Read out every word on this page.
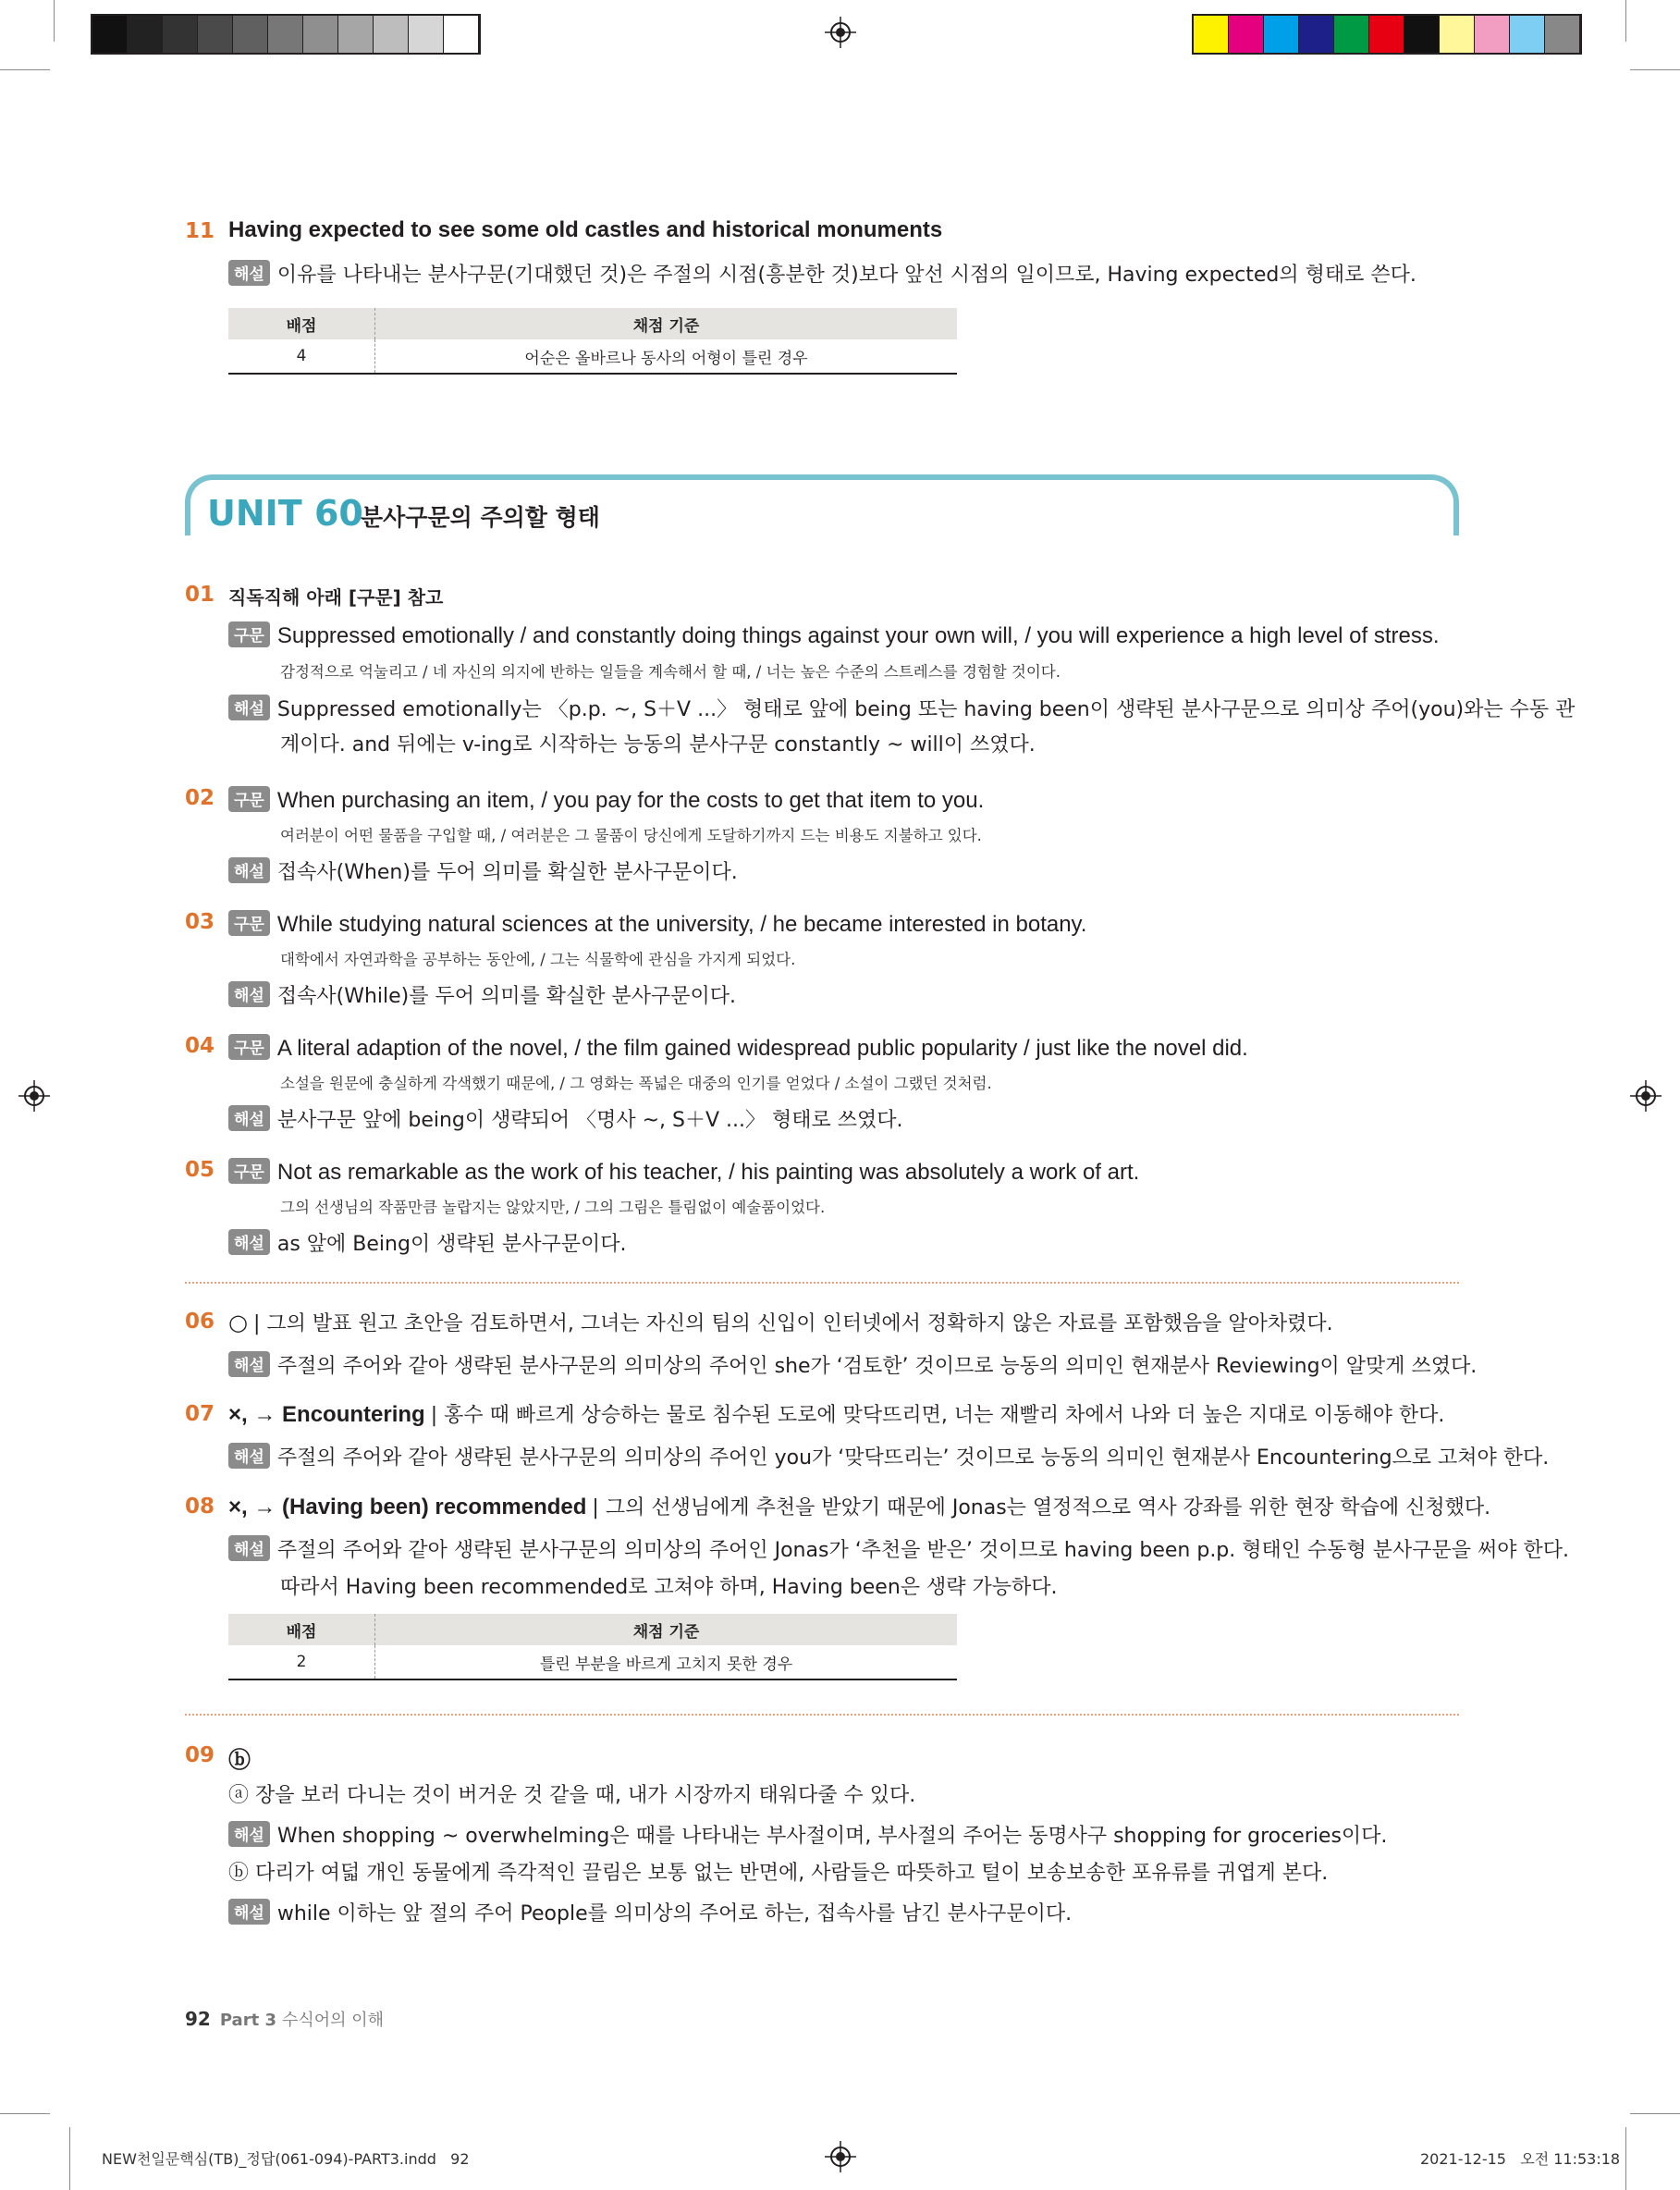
11 Having expected to see some old castles and historical monuments
해설 이유를 나타내는 분사구문(기대했던 것)은 주절의 시점(흥분한 것)보다 앞선 시점의 일이므로, Having expected의 형태로 쓴다.
배점	채점 기준
4	어순은 올바르나 동사의 어형이 틀린 경우
UNIT 60
분사구문의 주의할 형태
01 직독직해 아래 [구문] 참고
구문 Suppressed emotionally / and constantly doing things against your own will, / you will experience a high level of stress.
감정적으로 억눌리고 / 네 자신의 의지에 반하는 일들을 계속해서 할 때, / 너는 높은 수준의 스트레스를 경험할 것이다.
해설 Suppressed emotionally는 〈p.p. ~, S＋V ...〉 형태로 앞에 being 또는 having been이 생략된 분사구문으로 의미상 주어(you)와는 수동 관
계이다. and 뒤에는 v-ing로 시작하는 능동의 분사구문 constantly ~ will이 쓰였다.
02	구문 When purchasing an item, / you pay for the costs to get that item to you.
여러분이 어떤 물품을 구입할 때, / 여러분은 그 물품이 당신에게 도달하기까지 드는 비용도 지불하고 있다.
해설 접속사(When)를 두어 의미를 확실한 분사구문이다.
03	구문 While studying natural sciences at the university, / he became interested in botany.
대학에서 자연과학을 공부하는 동안에, / 그는 식물학에 관심을 가지게 되었다.
해설 접속사(While)를 두어 의미를 확실한 분사구문이다.
04	구문 A literal adaption of the novel, / the film gained widespread public popularity / just like the novel did.
소설을 원문에 충실하게 각색했기 때문에, / 그 영화는 폭넓은 대중의 인기를 얻었다 / 소설이 그랬던 것처럼.
해설 분사구문 앞에 being이 생략되어 〈명사 ~, S＋V ...〉 형태로 쓰였다.
05	구문 Not as remarkable as the work of his teacher, / his painting was absolutely a work of art.
그의 선생님의 작품만큼 놀랍지는 않았지만, / 그의 그림은 틀림없이 예술품이었다.
해설 as 앞에 Being이 생략된 분사구문이다.
06 ○ | 그의 발표 원고 초안을 검토하면서, 그녀는 자신의 팀의 신입이 인터넷에서 정확하지 않은 자료를 포함했음을 알아차렸다.
해설 주절의 주어와 같아 생략된 분사구문의 의미상의 주어인 she가 ‘검토한’ 것이므로 능동의 의미인 현재분사 Reviewing이 알맞게 쓰였다.
07 ×, → Encountering | 홍수 때 빠르게 상승하는 물로 침수된 도로에 맞닥뜨리면, 너는 재빨리 차에서 나와 더 높은 지대로 이동해야 한다.
해설 주절의 주어와 같아 생략된 분사구문의 의미상의 주어인 you가 ‘맞닥뜨리는’ 것이므로 능동의 의미인 현재분사 Encountering으로 고쳐야 한다.
08 ×, → (Having been) recommended | 그의 선생님에게 추천을 받았기 때문에 Jonas는 열정적으로 역사 강좌를 위한 현장 학습에 신청했다.
해설 주절의 주어와 같아 생략된 분사구문의 의미상의 주어인 Jonas가 ‘추천을 받은’ 것이므로 having been p.p. 형태인 수동형 분사구문을 써야 한다.
따라서 Having been recommended로 고쳐야 하며, Having been은 생략 가능하다.
배점	채점 기준
2	틀린 부분을 바르게 고치지 못한 경우
09 ⓑ
ⓐ 장을 보러 다니는 것이 버거운 것 같을 때, 내가 시장까지 태워다줄 수 있다.
해설 When shopping ~ overwhelming은 때를 나타내는 부사절이며, 부사절의 주어는 동명사구 shopping for groceries이다.
ⓑ 다리가 여덟 개인 동물에게 즉각적인 끌림은 보통 없는 반면에, 사람들은 따뜻하고 털이 보송보송한 포유류를 귀엽게 본다.
해설 while 이하는 앞 절의 주어 People를 의미상의 주어로 하는, 접속사를 남긴 분사구문이다.
92 Part 3 수식어의 이해
NEW천일문핵심(TB)_정답(061-094)-PART3.indd   92	2021-12-15   오전 11:53:18
